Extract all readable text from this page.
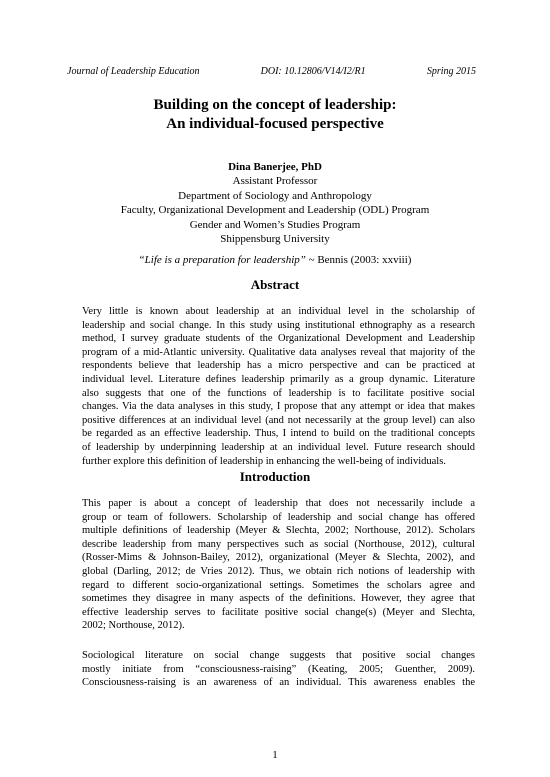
Journal of Leadership Education	DOI: 10.12806/V14/I2/R1	Spring 2015
Building on the concept of leadership:
An individual-focused perspective
Dina Banerjee, PhD
Assistant Professor
Department of Sociology and Anthropology
Faculty, Organizational Development and Leadership (ODL) Program
Gender and Women’s Studies Program
Shippensburg University
“Life is a preparation for leadership” ~ Bennis (2003: xxviii)
Abstract
Very little is known about leadership at an individual level in the scholarship of
leadership and social change. In this study using institutional ethnography as a research
method, I survey graduate students of the Organizational Development and Leadership
program of a mid-Atlantic university. Qualitative data analyses reveal that majority of the
respondents believe that leadership has a micro perspective and can be practiced at
individual level. Literature defines leadership primarily as a group dynamic. Literature
also suggests that one of the functions of leadership is to facilitate positive social
changes. Via the data analyses in this study, I propose that any attempt or idea that makes
positive differences at an individual level (and not necessarily at the group level) can also
be regarded as an effective leadership. Thus, I intend to build on the traditional concepts
of leadership by underpinning leadership at an individual level. Future research should
further explore this definition of leadership in enhancing the well-being of individuals.
Introduction
This paper is about a concept of leadership that does not necessarily include a
group or team of followers. Scholarship of leadership and social change has offered
multiple definitions of leadership (Meyer & Slechta, 2002; Northouse, 2012). Scholars
describe leadership from many perspectives such as social (Northouse, 2012), cultural
(Rosser-Mims & Johnson-Bailey, 2012), organizational (Meyer & Slechta, 2002), and
global (Darling, 2012; de Vries 2012). Thus, we obtain rich notions of leadership with
regard to different socio-organizational settings. Sometimes the scholars agree and
sometimes they disagree in many aspects of the definitions. However, they agree that
effective leadership serves to facilitate positive social change(s) (Meyer and Slechta,
2002; Northouse, 2012).
Sociological literature on social change suggests that positive social changes
mostly initiate from “consciousness-raising” (Keating, 2005; Guenther, 2009).
Consciousness-raising is an awareness of an individual. This awareness enables the
1
